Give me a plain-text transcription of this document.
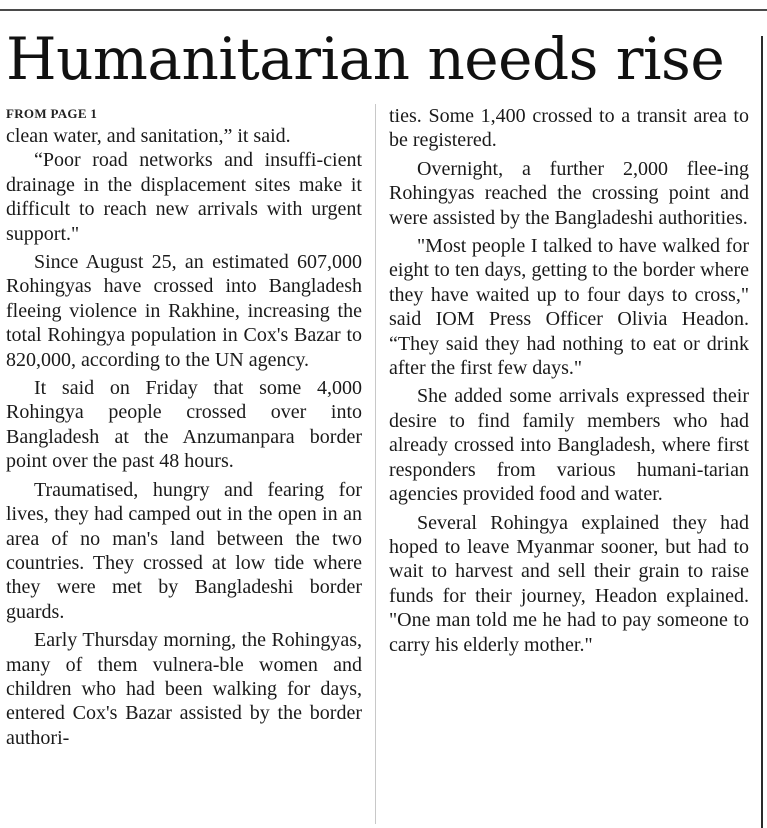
Humanitarian needs rise
FROM PAGE 1

clean water, and sanitation,” it said.

“Poor road networks and insuffi-cient drainage in the displacement sites make it difficult to reach new arrivals with urgent support."

Since August 25, an estimated 607,000 Rohingyas have crossed into Bangladesh fleeing violence in Rakhine, increasing the total Rohingya population in Cox's Bazar to 820,000, according to the UN agency.

It said on Friday that some 4,000 Rohingya people crossed over into Bangladesh at the Anzumanpara border point over the past 48 hours.

Traumatised, hungry and fearing for lives, they had camped out in the open in an area of no man's land between the two countries. They crossed at low tide where they were met by Bangladeshi border guards.

Early Thursday morning, the Rohingyas, many of them vulnera-ble women and children who had been walking for days, entered Cox's Bazar assisted by the border authori-

ties. Some 1,400 crossed to a transit area to be registered.

Overnight, a further 2,000 flee-ing Rohingyas reached the crossing point and were assisted by the Bangladeshi authorities.

"Most people I talked to have walked for eight to ten days, getting to the border where they have waited up to four days to cross," said IOM Press Officer Olivia Headon. “They said they had nothing to eat or drink after the first few days."

She added some arrivals expressed their desire to find family members who had already crossed into Bangladesh, where first responders from various humani-tarian agencies provided food and water.

Several Rohingya explained they had hoped to leave Myanmar sooner, but had to wait to harvest and sell their grain to raise funds for their journey, Headon explained. "One man told me he had to pay someone to carry his elderly mother."
